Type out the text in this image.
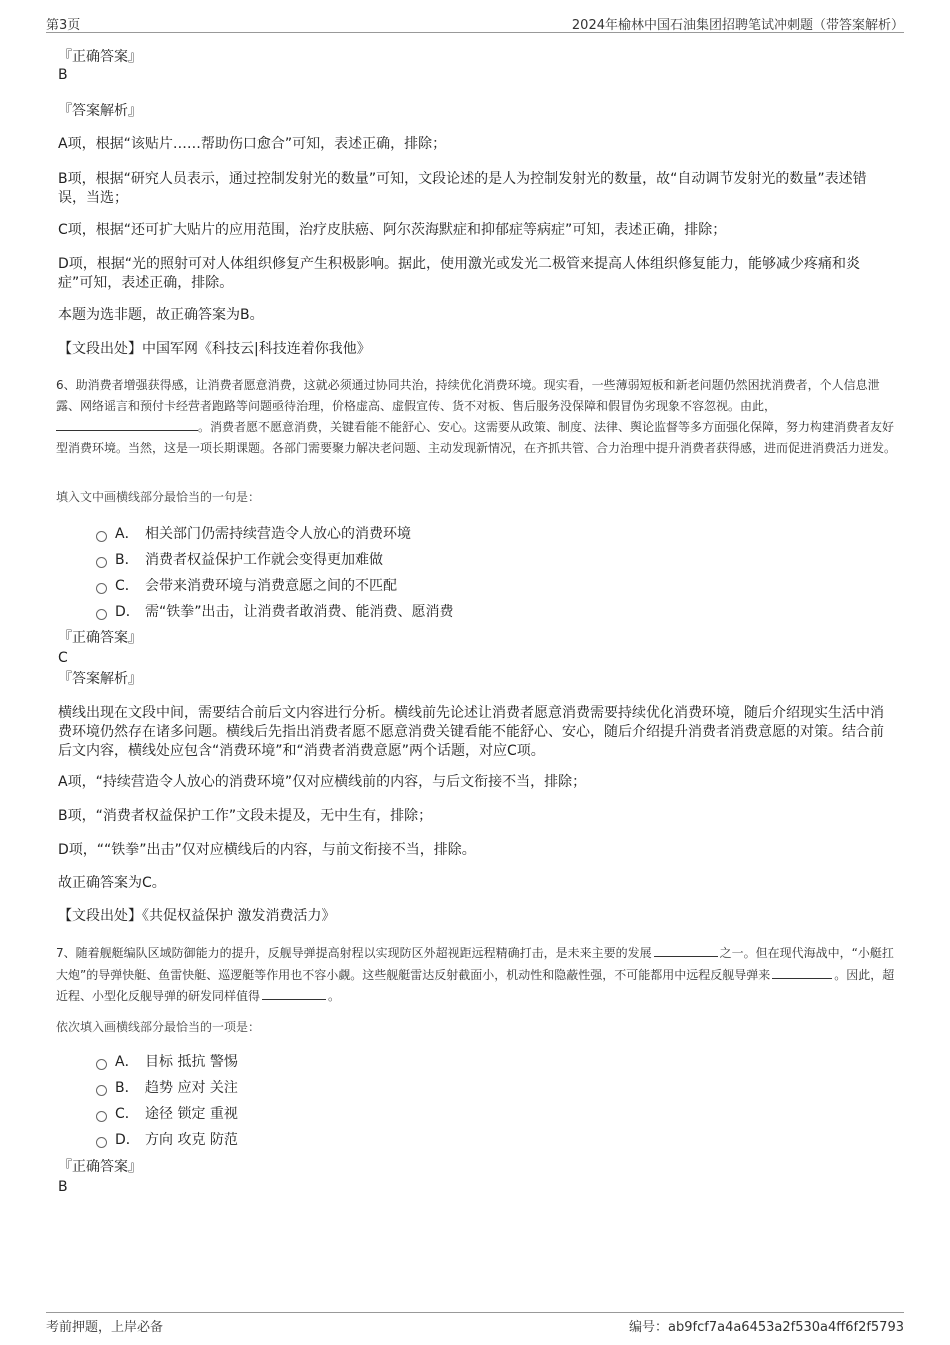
第3页	2024年榆林中国石油集团招聘笔试冲刺题（带答案解析）
『正确答案』
B
『答案解析』

A项，根据“该贴片……帮助伤口愈合”可知，表述正确，排除；

B项，根据“研究人员表示，通过控制发射光的数量”可知，文段论述的是人为控制发射光的数量，故“自动调节发射光的数量”表述错误，当选；

C项，根据“还可扩大贴片的应用范围，治疗皮肤癌、阿尔茨海默症和抑郁症等病症”可知，表述正确，排除；

D项，根据“光的照射可对人体组织修复产生积极影响。据此，使用激光或发光二极管来提高人体组织修复能力，能够减少疼痛和炎症”可知，表述正确，排除。

本题为选非题，故正确答案为B。

【文段出处】中国军网《科技云|科技连着你我他》

6、助消费者增强获得感，让消费者愿意消费，这就必须通过协同共治，持续优化消费环境。现实看，一些薄弱短板和新老问题仍然困扰消费者，个人信息泄露、网络谣言和预付卡经营者跑路等问题亟待治理，价格虚高、虚假宣传、货不对板、售后服务没保障和假冒伪劣现象不容忽视。由此，。消费者愿不愿意消费，关键看能不能舒心、安心。这需要从政策、制度、法律、舆论监督等多方面强化保障，努力构建消费者友好型消费环境。当然，这是一项长期课题。各部门需要聚力解决老问题、主动发现新情况，在齐抓共管、合力治理中提升消费者获得感，进而促进消费活力迸发。

填入文中画横线部分最恰当的一句是：
A． 相关部门仍需持续营造令人放心的消费环境
B． 消费者权益保护工作就会变得更加难做
C． 会带来消费环境与消费意愿之间的不匹配
D． 需“铁拳”出击，让消费者敢消费、能消费、愿消费
『正确答案』
C
『答案解析』

横线出现在文段中间，需要结合前后文内容进行分析。横线前先论述让消费者愿意消费需要持续优化消费环境，随后介绍现实生活中消费环境仍然存在诸多问题。横线后先指出消费者愿不愿意消费关键看能不能舒心、安心，随后介绍提升消费者消费意愿的对策。结合前后文内容，横线处应包含“消费环境”和“消费者消费意愿”两个话题，对应C项。

A项，“持续营造令人放心的消费环境”仅对应横线前的内容，与后文衔接不当，排除；

B项，“消费者权益保护工作”文段未提及，无中生有，排除；

D项，““铁拳”出击”仅对应横线后的内容，与前文衔接不当，排除。

故正确答案为C。

【文段出处】《共促权益保护 激发消费活力》

7、随着舰艇编队区域防御能力的提升，反舰导弹提高射程以实现防区外超视距远程精确打击，是未来主要的发展	之一。但在现代海战中，“小艇扛大炮”的导弹快艇、鱼雷快艇、巡逻艇等作用也不容小觑。这些舰艇雷达反射截面小，机动性和隐蔽性强，不可能都用中远程反舰导弹来	。因此，超近程、小型化反舰导弹的研发同样值得	。

依次填入画横线部分最恰当的一项是：
A． 目标 抵抗 警惕
B． 趋势 应对 关注
C． 途径 锁定 重视
D． 方向 攻克 防范
『正确答案』
B
考前押题，上岸必备	编号：ab9fcf7a4a6453a2f530a4ff6f2f5793
